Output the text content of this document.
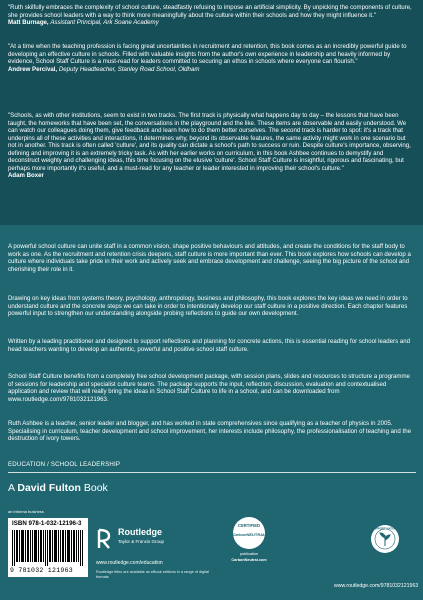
"Ruth skilfully embraces the complexity of school culture, steadfastly refusing to impose an artificial simplicity. By unpicking the components of culture, she provides school leaders with a way to think more meaningfully about the culture within their schools and how they might influence it."

Matt Burnage, Assistant Principal, Ark Soane Academy

"At a time when the teaching profession is facing great uncertainties in recruitment and retention, this book comes as an incredibly powerful guide to developing an effective culture in schools. Filled with valuable insights from the author's own experience in leadership and heavily informed by evidence, School Staff Culture is a must-read for leaders committed to securing an ethos in schools where everyone can flourish."

Andrew Percival, Deputy Headteacher, Stanley Road School, Oldham

"Schools, as with other institutions, seem to exist in two tracks. The first track is physically what happens day to day – the lessons that have been taught, the homeworks that have been set, the conversations in the playground and the like. These items are observable and easily understood. We can watch our colleagues doing them, give feedback and learn how to do them better ourselves. The second track is harder to spot: it's a track that underpins all of these activities and interactions, it determines why, beyond its observable features, the same activity might work in one scenario but not in another. This track is often called 'culture', and its quality can dictate a school's path to success or ruin. Despite culture's importance, observing, defining and improving it is an extremely tricky task. As with her earlier works on curriculum, in this book Ashbee continues to demystify and deconstruct weighty and challenging ideas, this time focusing on the elusive 'culture'. School Staff Culture is insightful, rigorous and fascinating, but perhaps more importantly it's useful, and a must-read for any teacher or leader interested in improving their school's culture."

Adam Boxer

A powerful school culture can unite staff in a common vision, shape positive behaviours and attitudes, and create the conditions for the staff body to work as one. As the recruitment and retention crisis deepens, staff culture is more important than ever. This book explores how schools can develop a culture where individuals take pride in their work and actively seek and embrace development and challenge, seeing the big picture of the school and cherishing their role in it.

Drawing on key ideas from systems theory, psychology, anthropology, business and philosophy, this book explores the key ideas we need in order to understand culture and the concrete steps we can take in order to intentionally develop our staff culture in a positive direction. Each chapter features powerful input to strengthen our understanding alongside probing reflections to guide our own development.

Written by a leading practitioner and designed to support reflections and planning for concrete actions, this is essential reading for school leaders and head teachers wanting to develop an authentic, powerful and positive school staff culture.

School Staff Culture benefits from a completely free school development package, with session plans, slides and resources to structure a programme of sessions for leadership and specialist culture teams. The package supports the input, reflection, discussion, evaluation and contextualised application and review that will really bring the ideas in School Staff Culture to life in a school, and can be downloaded from www.routledge.com/9781032121963.

Ruth Ashbee is a teacher, senior leader and blogger, and has worked in state comprehensives since qualifying as a teacher of physics in 2005. Specialising in curriculum, teacher development and school improvement, her interests include philosophy, the professionalisation of teaching and the destruction of ivory towers.

EDUCATION / SCHOOL LEADERSHIP
A David Fulton Book
an informa business
ISBN 978-1-032-12196-3
9 781032 121963
Routledge
Taylor & Francis Group
www.routledge.com/education
Routledge titles are available as eBook editions in a range of digital formats
CERTIFIED
CarbonNEUTRAL
publication
CarbonNeutral.com
SUPPORT NATURE
www.routledge.com/9781032121963
